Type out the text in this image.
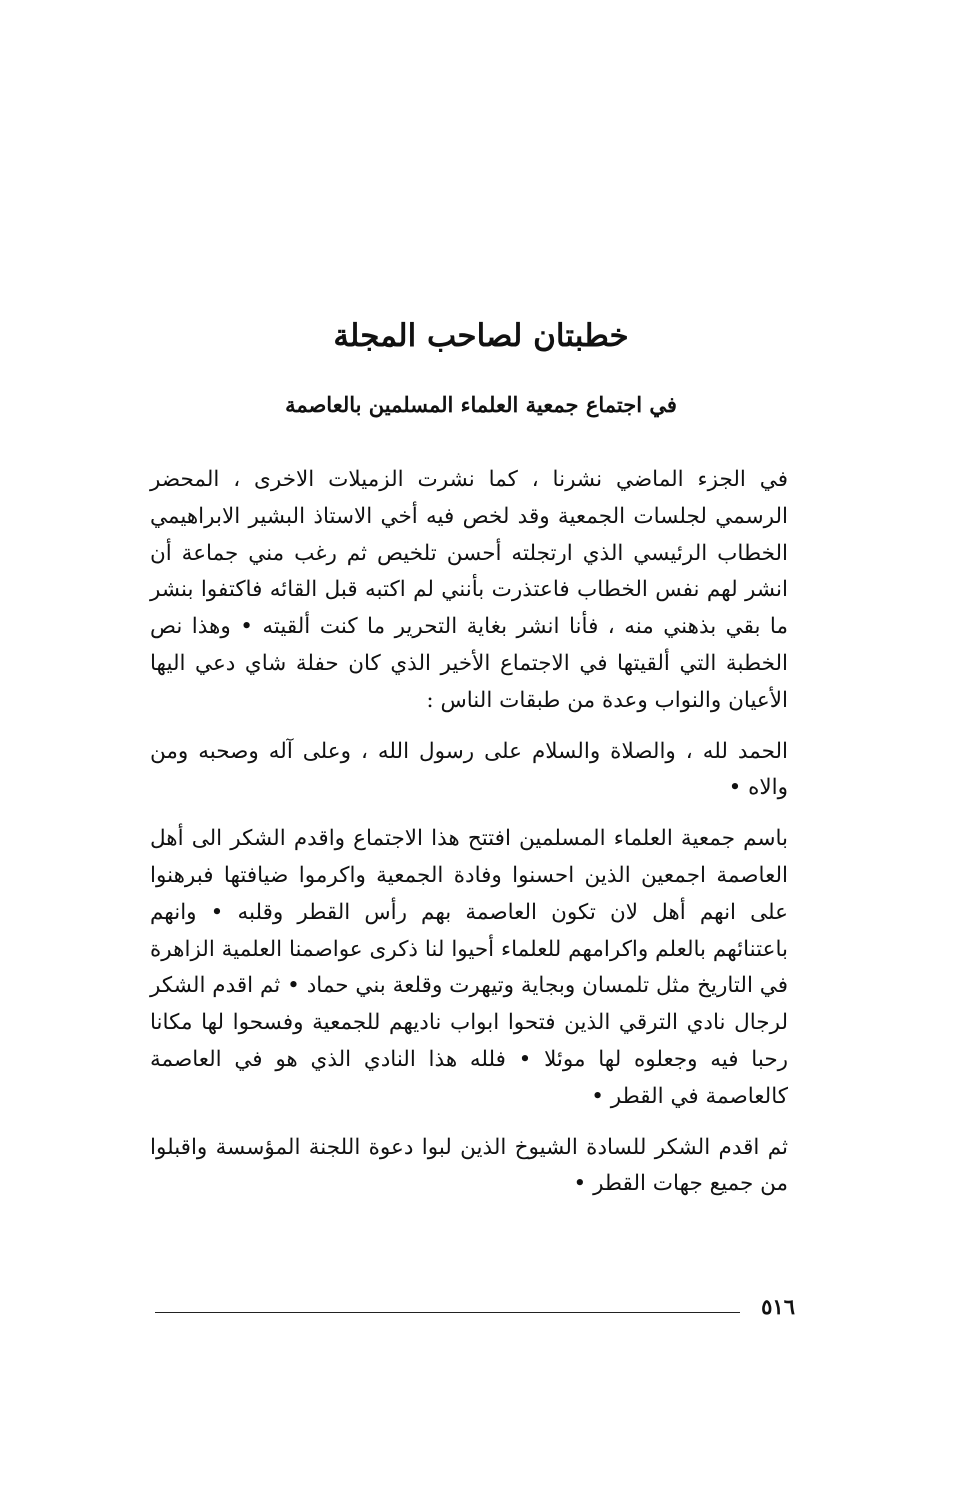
خطبتان لصاحب المجلة
في اجتماع جمعية العلماء المسلمين بالعاصمة

في الجزء الماضي نشرنا ، كما نشرت الزميلات الاخرى ، المحضر الرسمي لجلسات الجمعية وقد لخص فيه أخي الاستاذ البشير الابراهيمي الخطاب الرئيسي الذي ارتجلته أحسن تلخيص ثم رغب مني جماعة أن انشر لهم نفس الخطاب فاعتذرت بأنني لم اكتبه قبل القائه فاكتفوا بنشر ما بقي بذهني منه ، فأنا انشر بغاية التحرير ما كنت ألقيته • وهذا نص الخطبة التي ألقيتها في الاجتماع الأخير الذي كان حفلة شاي دعي اليها الأعيان والنواب وعدة من طبقات الناس :

الحمد لله ، والصلاة والسلام على رسول الله ، وعلى آله وصحبه ومن والاه •

باسم جمعية العلماء المسلمين افتتح هذا الاجتماع واقدم الشكر الى أهل العاصمة اجمعين الذين احسنوا وفادة الجمعية واكرموا ضيافتها فبرهنوا على انهم أهل لان تكون العاصمة بهم رأس القطر وقلبه • وانهم باعتنائهم بالعلم واكرامهم للعلماء أحيوا لنا ذكرى عواصمنا العلمية الزاهرة في التاريخ مثل تلمسان وبجاية وتيهرت وقلعة بني حماد • ثم اقدم الشكر لرجال نادي الترقي الذين فتحوا ابواب ناديهم للجمعية وفسحوا لها مكانا رحبا فيه وجعلوه لها موئلا • فلله هذا النادي الذي هو في العاصمة كالعاصمة في القطر •

ثم اقدم الشكر للسادة الشيوخ الذين لبوا دعوة اللجنة المؤسسة واقبلوا من جميع جهات القطر •

٥١٦
